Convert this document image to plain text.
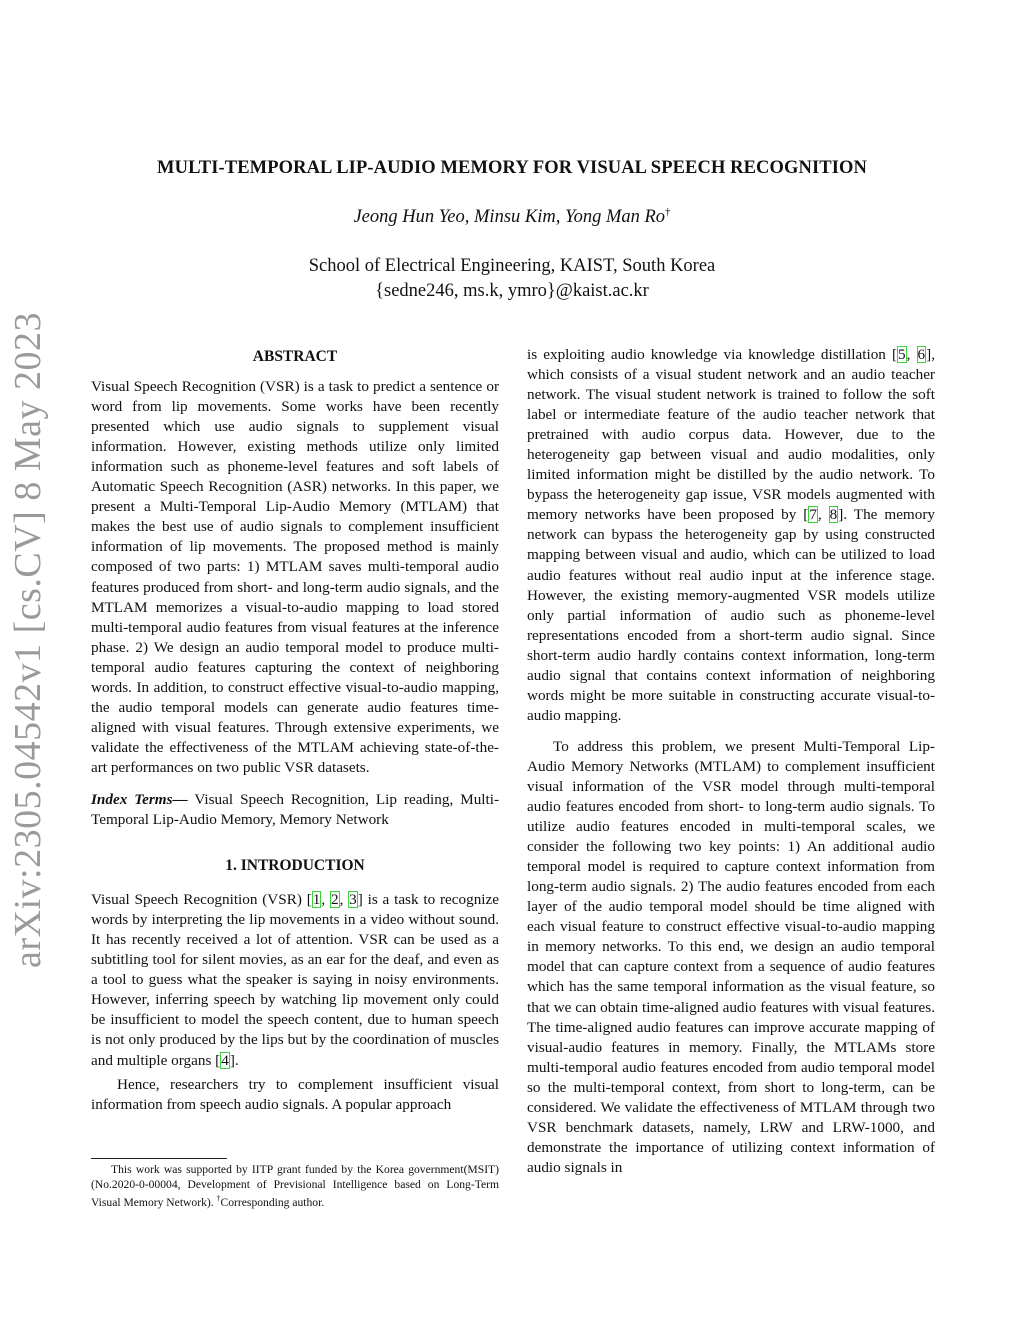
arXiv:2305.04542v1 [cs.CV] 8 May 2023
MULTI-TEMPORAL LIP-AUDIO MEMORY FOR VISUAL SPEECH RECOGNITION
Jeong Hun Yeo, Minsu Kim, Yong Man Ro†
School of Electrical Engineering, KAIST, South Korea
{sedne246, ms.k, ymro}@kaist.ac.kr
ABSTRACT

Visual Speech Recognition (VSR) is a task to predict a sentence or word from lip movements. Some works have been recently presented which use audio signals to supplement visual information. However, existing methods utilize only limited information such as phoneme-level features and soft labels of Automatic Speech Recognition (ASR) networks. In this paper, we present a Multi-Temporal Lip-Audio Memory (MTLAM) that makes the best use of audio signals to complement insufficient information of lip movements. The proposed method is mainly composed of two parts: 1) MTLAM saves multi-temporal audio features produced from short- and long-term audio signals, and the MTLAM memorizes a visual-to-audio mapping to load stored multi-temporal audio features from visual features at the inference phase. 2) We design an audio temporal model to produce multi-temporal audio features capturing the context of neighboring words. In addition, to construct effective visual-to-audio mapping, the audio temporal models can generate audio features time-aligned with visual features. Through extensive experiments, we validate the effectiveness of the MTLAM achieving state-of-the-art performances on two public VSR datasets.

Index Terms— Visual Speech Recognition, Lip reading, Multi-Temporal Lip-Audio Memory, Memory Network

1. INTRODUCTION

Visual Speech Recognition (VSR) [1, 2, 3] is a task to recognize words by interpreting the lip movements in a video without sound. It has recently received a lot of attention. VSR can be used as a subtitling tool for silent movies, as an ear for the deaf, and even as a tool to guess what the speaker is saying in noisy environments. However, inferring speech by watching lip movement only could be insufficient to model the speech content, due to human speech is not only produced by the lips but by the coordination of muscles and multiple organs [4].

Hence, researchers try to complement insufficient visual information from speech audio signals. A popular approach

is exploiting audio knowledge via knowledge distillation [5, 6], which consists of a visual student network and an audio teacher network. The visual student network is trained to follow the soft label or intermediate feature of the audio teacher network that pretrained with audio corpus data. However, due to the heterogeneity gap between visual and audio modalities, only limited information might be distilled by the audio network. To bypass the heterogeneity gap issue, VSR models augmented with memory networks have been proposed by [7, 8]. The memory network can bypass the heterogeneity gap by using constructed mapping between visual and audio, which can be utilized to load audio features without real audio input at the inference stage. However, the existing memory-augmented VSR models utilize only partial information of audio such as phoneme-level representations encoded from a short-term audio signal. Since short-term audio hardly contains context information, long-term audio signal that contains context information of neighboring words might be more suitable in constructing accurate visual-to-audio mapping.

To address this problem, we present Multi-Temporal Lip-Audio Memory Networks (MTLAM) to complement insufficient visual information of the VSR model through multi-temporal audio features encoded from short- to long-term audio signals. To utilize audio features encoded in multi-temporal scales, we consider the following two key points: 1) An additional audio temporal model is required to capture context information from long-term audio signals. 2) The audio features encoded from each layer of the audio temporal model should be time aligned with each visual feature to construct effective visual-to-audio mapping in memory networks. To this end, we design an audio temporal model that can capture context from a sequence of audio features which has the same temporal information as the visual feature, so that we can obtain time-aligned audio features with visual features. The time-aligned audio features can improve accurate mapping of visual-audio features in memory. Finally, the MTLAMs store multi-temporal audio features encoded from audio temporal model so the multi-temporal context, from short to long-term, can be considered. We validate the effectiveness of MTLAM through two VSR benchmark datasets, namely, LRW and LRW-1000, and demonstrate the importance of utilizing context information of audio signals in

This work was supported by IITP grant funded by the Korea government(MSIT) (No.2020-0-00004, Development of Previsional Intelligence based on Long-Term Visual Memory Network). †Corresponding author.
